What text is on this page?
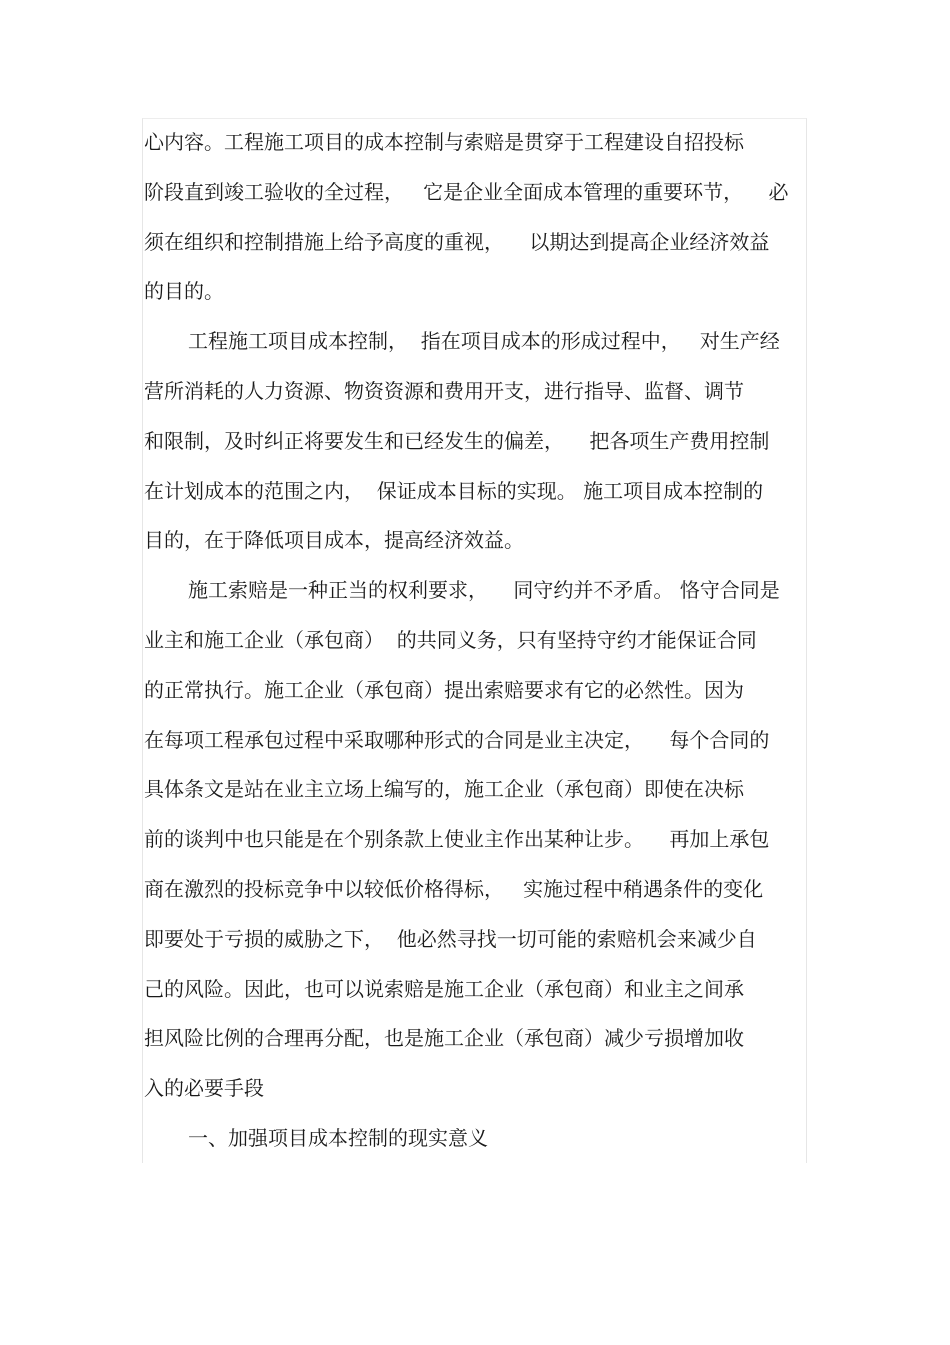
心内容。工程施工项目的成本控制与索赔是贯穿于工程建设自招投标
阶段直到竣工验收的全过程，   它是企业全面成本管理的重要环节，    必
须在组织和控制措施上给予高度的重视，    以期达到提高企业经济效益
的目的。
工程施工项目成本控制，  指在项目成本的形成过程中，   对生产经
营所消耗的人力资源、物资资源和费用开支，进行指导、监督、调节
和限制，及时纠正将要发生和已经发生的偏差，    把各项生产费用控制
在计划成本的范围之内，  保证成本目标的实现。 施工项目成本控制的
目的，在于降低项目成本，提高经济效益。
施工索赔是一种正当的权利要求，    同守约并不矛盾。 恪守合同是
业主和施工企业（承包商）  的共同义务，只有坚持守约才能保证合同
的正常执行。施工企业（承包商）提出索赔要求有它的必然性。因为
在每项工程承包过程中采取哪种形式的合同是业主决定，    每个合同的
具体条文是站在业主立场上编写的，施工企业（承包商）即使在决标
前的谈判中也只能是在个别条款上使业主作出某种让步。    再加上承包
商在激烈的投标竞争中以较低价格得标，   实施过程中稍遇条件的变化
即要处于亏损的威胁之下，  他必然寻找一切可能的索赔机会来减少自
己的风险。因此，也可以说索赔是施工企业（承包商）和业主之间承
担风险比例的合理再分配，也是施工企业（承包商）减少亏损增加收
入的必要手段
一、加强项目成本控制的现实意义
